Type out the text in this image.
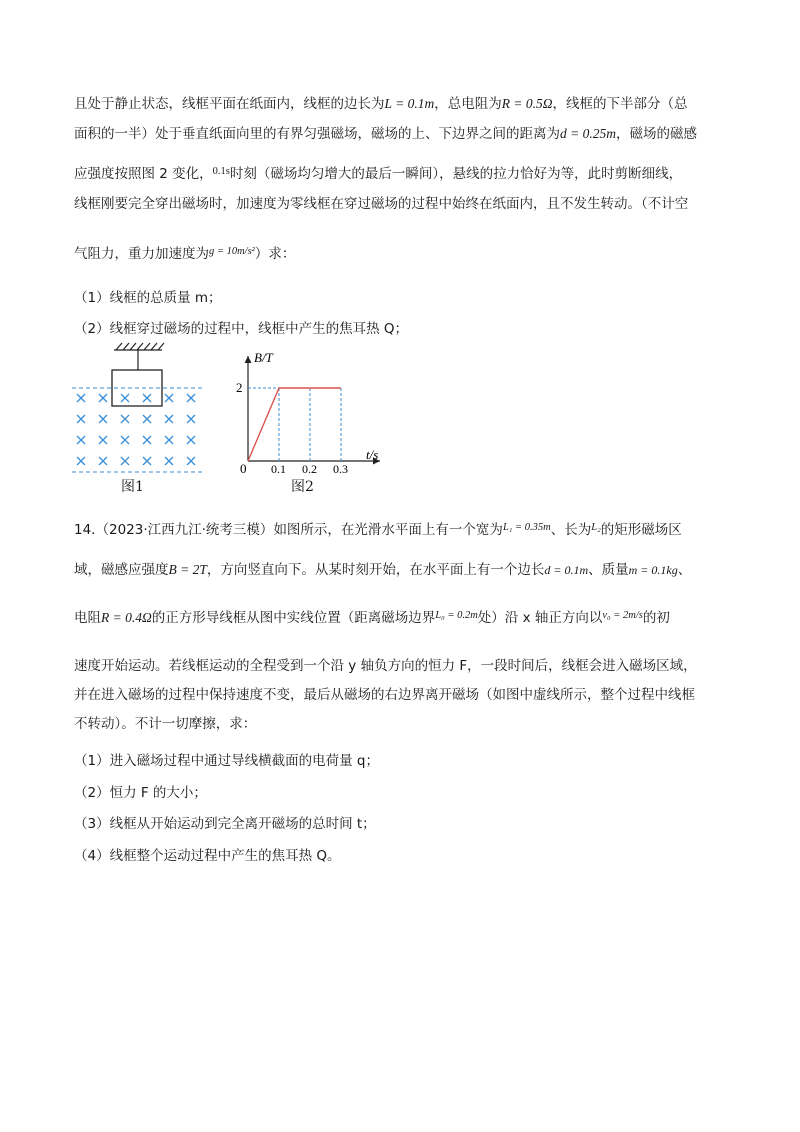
且处于静止状态，线框平面在纸面内，线框的边长为L = 0.1m，总电阻为R = 0.5Ω，线框的下半部分（总
面积的一半）处于垂直纸面向里的有界匀强磁场，磁场的上、下边界之间的距离为d = 0.25m，磁场的磁感
应强度按照图 2 变化，$^{0.1s}$时刻（磁场均匀增大的最后一瞬间），悬线的拉力恰好为等，此时剪断细线，
线框刚要完全穿出磁场时，加速度为零线框在穿过磁场的过程中始终在纸面内，且不发生转动。（不计空
气阻力，重力加速度为$^{g = 10m/s^2}$）求：
（1）线框的总质量 m；
（2）线框穿过磁场的过程中，线框中产生的焦耳热 Q；
图1
B/T
t/s
0
2
0.1 0.2 0.3
图2
14.（2023·江西九江·统考三模）如图所示，在光滑水平面上有一个宽为$^{L_1 = 0.35m}$、长为$^{L_2}$的矩形磁场区
域，磁感应强度B = 2T，方向竖直向下。从某时刻开始，在水平面上有一个边长d = 0.1m、质量m = 0.1kg、
电阻R = 0.4Ω的正方形导线框从图中实线位置（距离磁场边界$^{L_0 = 0.2m}$处）沿 x 轴正方向以$^{v_0 = 2m/s}$的初
速度开始运动。若线框运动的全程受到一个沿 y 轴负方向的恒力 F，一段时间后，线框会进入磁场区域，
并在进入磁场的过程中保持速度不变，最后从磁场的右边界离开磁场（如图中虚线所示，整个过程中线框
不转动）。不计一切摩擦，求：
（1）进入磁场过程中通过导线横截面的电荷量 q；
（2）恒力 F 的大小；
（3）线框从开始运动到完全离开磁场的总时间 t；
（4）线框整个运动过程中产生的焦耳热 Q。
